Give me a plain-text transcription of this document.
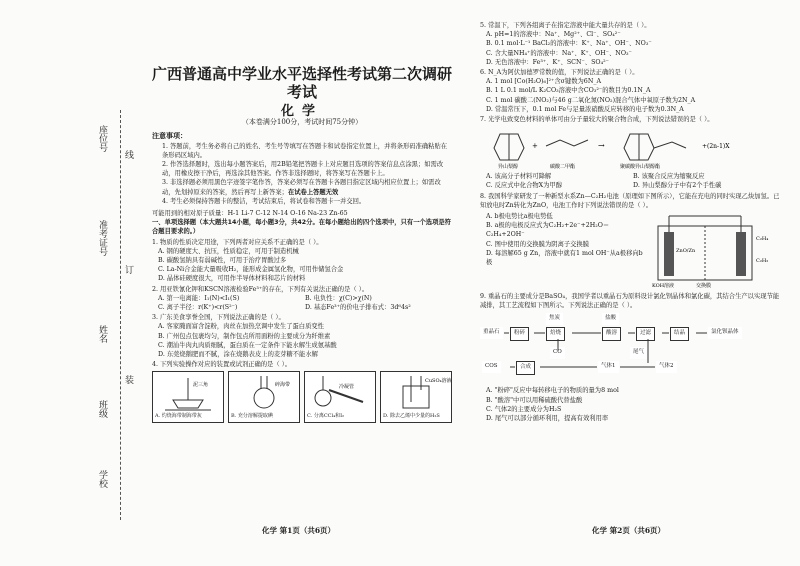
座位号
线
准考证号
订
姓名
班级
装
学校
广西普通高中学业水平选择性考试第二次调研考试
化学
（本卷满分100分，考试时间75分钟）
注意事项：

1. 答题前，考生务必将自己的姓名、考生号等填写在答题卡和试卷指定位置上，并将条形码准确粘贴在条形码区域内。

2. 作答选择题时，选出每小题答案后，用2B铅笔把答题卡上对应题目选项的答案信息点涂黑；如需改动，用橡皮擦干净后，再选涂其他答案。作答非选择题时，将答案写在答题卡上。

3. 非选择题必须用黑色字迹签字笔作答，答案必须写在答题卡各题目指定区域内相应位置上；如需改动，先划掉原来的答案，然后再写上新答案；在试卷上答题无效

4. 考生必须保持答题卡的整洁，考试结束后，将试卷和答题卡一并交回。

可能用到的相对原子质量：H-1 Li-7 C-12 N-14 O-16 Na-23 Zn-65

一、单项选择题（本大题共14小题，每小题3分，共42分。在每小题给出的四个选项中，只有一个选项是符合题目要求的。）

1. 物质的性质决定用途，下列两者对应关系不正确的是（ ）。

A. 钢的硬度大、抗压，性质稳定，可用于制造机械

B. 碳酸氢钠具有弱碱性，可用于治疗胃酸过多

C. La-Ni合金能大量吸收H₂，能形成金属氢化物，可用作储氢合金

D. 晶体硅硬度很大，可用作半导体材料和芯片的材料

2. 用亚铁氰化钾和KSCN溶液检验Fe³⁺的存在，下列有关说法正确的是（ ）。

A. 第一电离能：I₁(N)<I₁(S)	B. 电负性：χ(C)>χ(N)
C. 离子半径：r(K⁺)<r(S²⁻)	D. 基态Fe³⁺的价电子排布式：3d⁶4s²

3. 广东美食享誉全国，下列说法正确的是（ ）。

A. 客家腌面富含淀粉，肉丝在加热烹调中发生了蛋白质变性

B. 广州包点包裹均匀，制作包点所用面粉的主要成分为纤维素

C. 潮汕牛肉丸肉质细腻，蛋白质在一定条件下能水解生成氨基酸

D. 东莞烧鹅肥而不腻，涂在烧鹅表皮上的麦芽糖不能水解

4. 下列实验操作对应的装置或试剂正确的是（ ）。

泥三角
A. 灼烧海带制海带灰
碎海带
B. 充分溶解提取碘
冷凝管
C. 分离CCl₄和I₂
CuSO₄溶液
D. 除去乙烯中少量的H₂S

5. 常温下，下列各组离子在指定溶液中能大量共存的是（ ）。

A. pH=1的溶液中：Na⁺、Mg²⁺、Cl⁻、SO₄²⁻

B. 0.1 mol·L⁻¹ BaCl₂的溶液中：K⁺、Na⁺、OH⁻、NO₃⁻

C. 含大量NH₄⁺的溶液中：Na⁺、K⁺、OH⁻、NO₃⁻

D. 无色溶液中：Fe³⁺、K⁺、SCN⁻、SO₄²⁻

6. N_A为阿伏加德罗常数的值，下列说法正确的是（ ）。

A. 1 mol [Co(H₂O)₆]²⁺含σ键数为6N_A

B. 1 L 0.1 mol/L K₂CO₃溶液中含CO₃²⁻的数目为0.1N_A

C. 1 mol 碳酸二(NO₂)与46 g二氧化氮(NO₂)混合气体中氧原子数为2N_A

D. 常温常压下，0.1 mol Fe与足量浓硝酸反应转移的电子数为0.3N_A

7. 光学电致变色材料的单体可由分子量较大的聚合物合成，下列说法错误的是（ ）。

+	→
异山梨醇	碳酸二甲酯	聚碳酸异山梨醇酯
+(2n-1)X
A. 该高分子材料可降解	B. 该聚合反应为缩聚反应
C. 反应式中化合物X为甲醇	D. 异山梨醇分子中有2个手性碳

8. 我国科学家研发了一种新型水系Zn—C₂H₂电池（原理如下图所示），它能在充电的同时实现乙炔加氢。已知放电时Zn转化为ZnO，电池工作时下列说法错误的是（ ）。

A. b极电势比a极电势低

B. a极的电极反应式为C₂H₂+2e⁻+2H₂O＝C₂H₄+2OH⁻

C. 图中使用的交换膜为阴离子交换膜

D. 每溶解65 g Zn，溶液中就有1 mol OH⁻从a极移向b极

KOH溶液	交换膜
ZnO/Zn
C₂H₄
C₂H₂

9. 重晶石的主要成分是BaSO₄，我国学者以重晶石为原料设计氯化钡晶体和氯化碳，其结合生产以实现节能减排，其工艺流程如下图所示。下列说法正确的是（ ）。

重晶石	粉碎	焙烧	酸溶	过滤	结晶	氯化钡晶体
焦炭	盐酸
COS	合成
CO
气体1	气体2
尾气

A. "粉碎"反应中每转移电子的物质的量为8 mol

B. "酸溶"中可以用稀硫酸代替盐酸

C. 气体2的主要成分为H₂S

D. 尾气可以部分循环利用，提高有效利用率

化学 第1页（共6页）	化学 第2页（共6页）
